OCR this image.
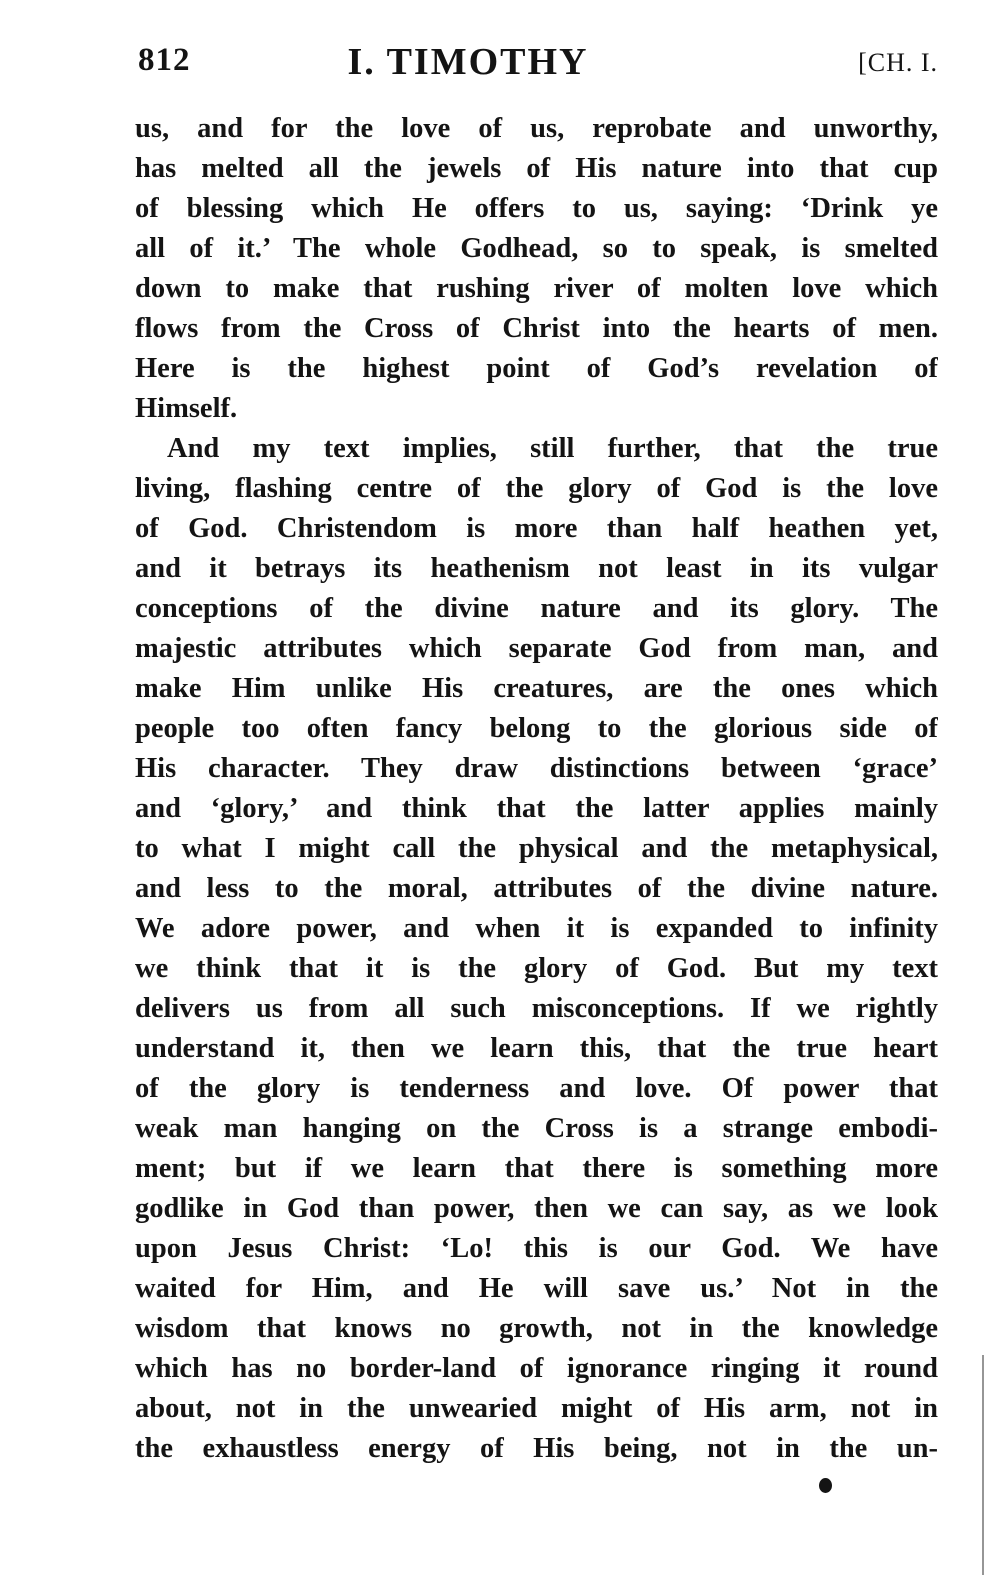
812	I. TIMOTHY	[CH. I.
us, and for the love of us, reprobate and unworthy,
has melted all the jewels of His nature into that cup
of blessing which He offers to us, saying: ‘Drink ye
all of it.’ The whole Godhead, so to speak, is smelted
down to make that rushing river of molten love which
flows from the Cross of Christ into the hearts of men.
Here is the highest point of God’s revelation of
Himself.
And my text implies, still further, that the true
living, flashing centre of the glory of God is the love
of God. Christendom is more than half heathen yet,
and it betrays its heathenism not least in its vulgar
conceptions of the divine nature and its glory. The
majestic attributes which separate God from man, and
make Him unlike His creatures, are the ones which
people too often fancy belong to the glorious side of
His character. They draw distinctions between ‘grace’
and ‘glory,’ and think that the latter applies mainly
to what I might call the physical and the metaphysical,
and less to the moral, attributes of the divine nature.
We adore power, and when it is expanded to infinity
we think that it is the glory of God. But my text
delivers us from all such misconceptions. If we rightly
understand it, then we learn this, that the true heart
of the glory is tenderness and love. Of power that
weak man hanging on the Cross is a strange embodi-
ment; but if we learn that there is something more
godlike in God than power, then we can say, as we look
upon Jesus Christ: ‘Lo! this is our God. We have
waited for Him, and He will save us.’ Not in the
wisdom that knows no growth, not in the knowledge
which has no border-land of ignorance ringing it round
about, not in the unwearied might of His arm, not in
the exhaustless energy of His being, not in the un-
